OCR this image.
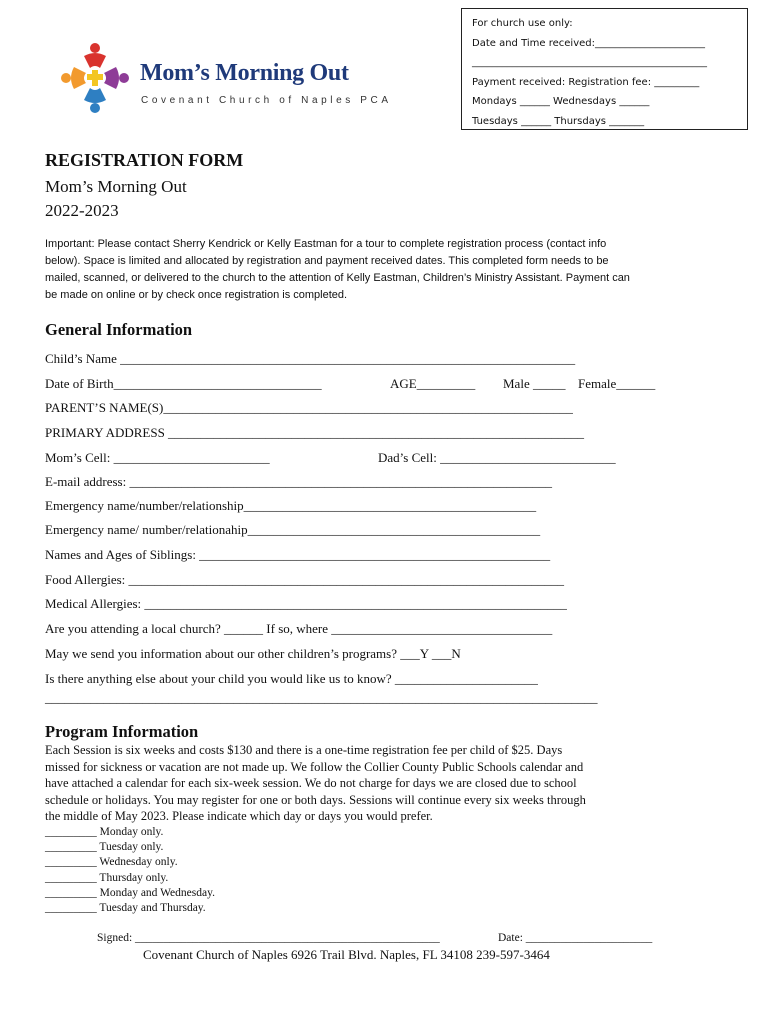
For church use only:
Date and Time received:______________________
_______________________________________________
Payment received: Registration fee: _________
Mondays ______ Wednesdays ______
Tuesdays ______ Thursdays _______
Mom’s Morning Out
Covenant Church of Naples PCA
REGISTRATION FORM
Mom’s Morning Out
2022-2023
Important: Please contact Sherry Kendrick or Kelly Eastman for a tour to complete registration process (contact info
below). Space is limited and allocated by registration and payment received dates. This completed form needs to be
mailed, scanned, or delivered to the church to the attention of Kelly Eastman, Children’s Ministry Assistant. Payment can
be made on online or by check once registration is completed.
General Information
Child’s Name ______________________________________________________________________
Date of Birth________________________________	AGE_________ Male _____ Female______
PARENT’S NAME(S)_______________________________________________________________
PRIMARY ADDRESS ________________________________________________________________
Mom’s Cell: ________________________	Dad’s Cell: ___________________________
E-mail address: _________________________________________________________________
Emergency name/number/relationship_____________________________________________
Emergency name/ number/relationahip_____________________________________________
Names and Ages of Siblings: ______________________________________________________
Food Allergies: ___________________________________________________________________
Medical Allergies: _________________________________________________________________
Are you attending a local church? ______ If so, where __________________________________
May we send you information about our other children’s programs? ___Y ___N
Is there anything else about your child you would like us to know? ______________________
_____________________________________________________________________________________
Program Information
Each Session is six weeks and costs $130 and there is a one-time registration fee per child of $25. Days
missed for sickness or vacation are not made up. We follow the Collier County Public Schools calendar and
have attached a calendar for each six-week session. We do not charge for days we are closed due to school
schedule or holidays. You may register for one or both days. Sessions will continue every six weeks through
the middle of May 2023. Please indicate which day or days you would prefer.
_________ Monday only.
_________ Tuesday only.
_________ Wednesday only.
_________ Thursday only.
_________ Monday and Wednesday.
_________ Tuesday and Thursday.
Signed: _____________________________________________________	Date: ______________________
Covenant Church of Naples 6926 Trail Blvd. Naples, FL 34108 239-597-3464
